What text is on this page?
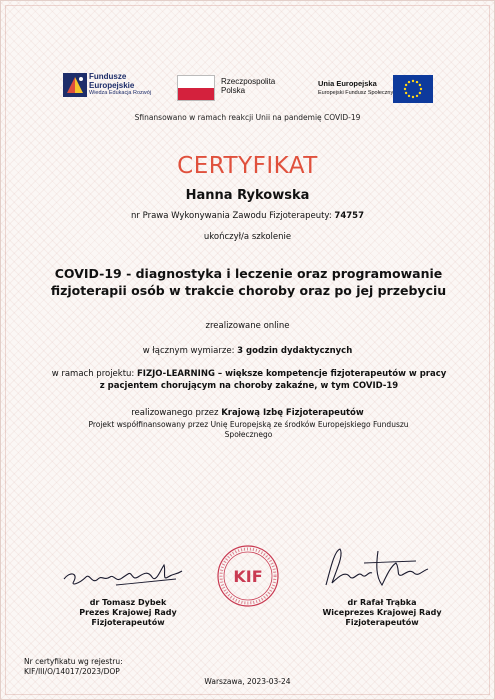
Fundusze
Europejskie
Wiedza Edukacja Rozwój
Rzeczpospolita
Polska
Unia Europejska
Europejski Fundusz Społeczny
Sfinansowano w ramach reakcji Unii na pandemię COVID-19
CERTYFIKAT
Hanna Rykowska
nr Prawa Wykonywania Zawodu Fizjoterapeuty: 74757
ukończył/a szkolenie
COVID-19 - diagnostyka i leczenie oraz programowanie fizjoterapii osób w trakcie choroby oraz po jej przebyciu
zrealizowane online
w łącznym wymiarze: 3 godzin dydaktycznych
w ramach projektu: FIZJO-LEARNING – większe kompetencje fizjoterapeutów w pracy z pacjentem chorującym na choroby zakaźne, w tym COVID-19
realizowanego przez Krajową Izbę Fizjoterapeutów
Projekt współfinansowany przez Unię Europejską ze środków Europejskiego Funduszu Społecznego
KIF
dr Tomasz Dybek
Prezes Krajowej Rady
Fizjoterapeutów
dr Rafał Trąbka
Wiceprezes Krajowej Rady
Fizjoterapeutów
Nr certyfikatu wg rejestru:
KIF/III/O/14017/2023/DOP
Warszawa, 2023-03-24
